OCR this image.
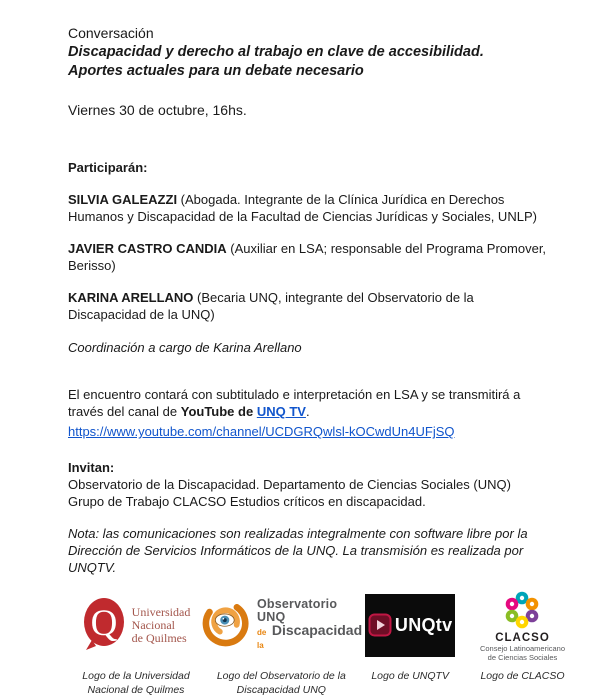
Conversación
Discapacidad y derecho al trabajo en clave de accesibilidad.
Aportes actuales para un debate necesario
Viernes 30 de octubre, 16hs.
Participarán:

SILVIA GALEAZZI (Abogada. Integrante de la Clínica Jurídica en Derechos Humanos y Discapacidad de la Facultad de Ciencias Jurídicas y Sociales, UNLP)

JAVIER CASTRO CANDIA (Auxiliar en LSA; responsable del Programa Promover, Berisso)

KARINA ARELLANO (Becaria UNQ, integrante del Observatorio de la Discapacidad de la UNQ)

Coordinación a cargo de Karina Arellano
El encuentro contará con subtitulado e interpretación en LSA y se transmitirá a través del canal de YouTube de UNQ TV.
https://www.youtube.com/channel/UCDGRQwlsl-kOCwdUn4UFjSQ
Invitan:
Observatorio de la Discapacidad. Departamento de Ciencias Sociales (UNQ)
Grupo de Trabajo CLACSO Estudios críticos en discapacidad.
Nota: las comunicaciones son realizadas integralmente con software libre por la Dirección de Servicios Informáticos de la UNQ. La transmisión es realizada por UNQTV.
Q Universidad
Nacional
de Quilmes
Logo de la Universidad Nacional de Quilmes
Observatorio UNQ
de la
Discapacidad
Logo del Observatorio de la Discapacidad UNQ
UNQtv
Logo de UNQTV
CLACSO
Consejo Latinoamericano
de Ciencias Sociales
Logo de CLACSO
